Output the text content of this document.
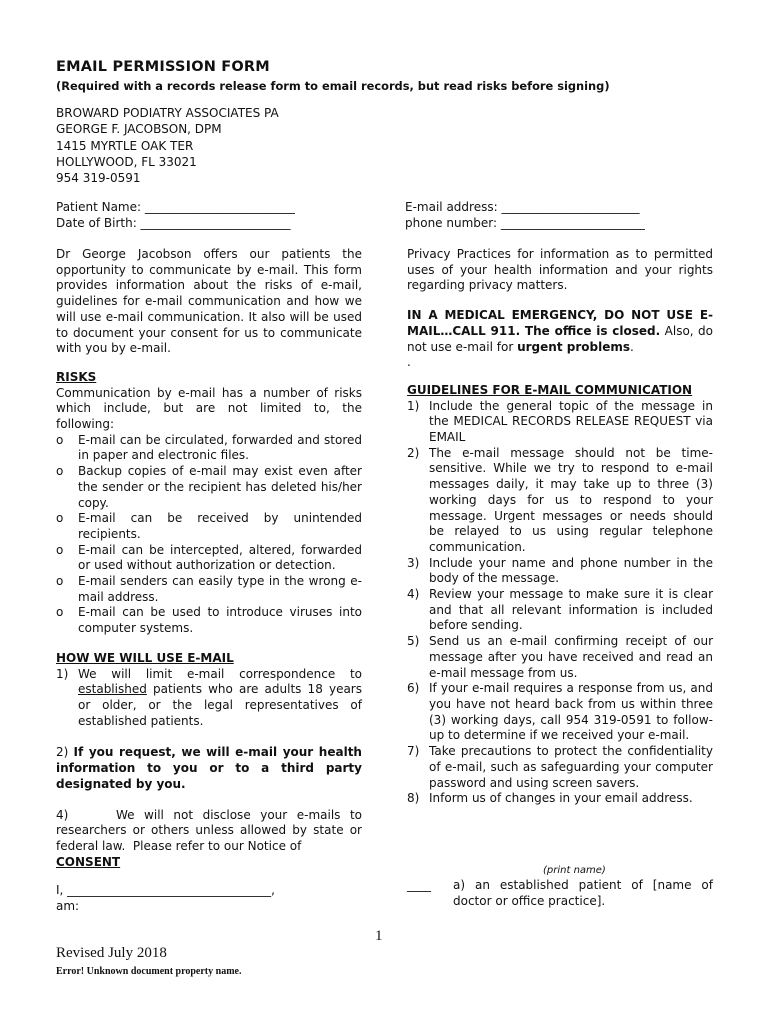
EMAIL PERMISSION FORM
(Required with a records release form to email records, but read risks before signing)
BROWARD PODIATRY ASSOCIATES PA
GEORGE F. JACOBSON, DPM
1415 MYRTLE OAK TER
HOLLYWOOD, FL 33021
954 319-0591
Patient Name: _________________________
Date of Birth: _________________________
E-mail address: _______________________
phone number: ________________________
Dr George Jacobson offers our patients the opportunity to communicate by e-mail. This form provides information about the risks of e-mail, guidelines for e-mail communication and how we will use e-mail communication. It also will be used to document your consent for us to communicate with you by e-mail.
RISKS
Communication by e-mail has a number of risks which include, but are not limited to, the following:
o E-mail can be circulated, forwarded and stored in paper and electronic files.
o Backup copies of e-mail may exist even after the sender or the recipient has deleted his/her copy.
o E-mail can be received by unintended recipients.
o E-mail can be intercepted, altered, forwarded or used without authorization or detection.
o E-mail senders can easily type in the wrong e-mail address.
o E-mail can be used to introduce viruses into computer systems.
HOW WE WILL USE E-MAIL
1) We will limit e-mail correspondence to established patients who are adults 18 years or older, or the legal representatives of established patients.
2) If you request, we will e-mail your health information to you or to a third party designated by you.
4)     We will not disclose your e-mails to researchers or others unless allowed by state or federal law.  Please refer to our Notice of
CONSENT
I, __________________________________,
am:
Privacy Practices for information as to permitted uses of your health information and your rights regarding privacy matters.
IN A MEDICAL EMERGENCY, DO NOT USE E-MAIL…CALL 911. The office is closed. Also, do not use e-mail for urgent problems.
.
GUIDELINES FOR E-MAIL COMMUNICATION
1) Include the general topic of the message in the MEDICAL RECORDS RELEASE REQUEST via EMAIL
2) The e-mail message should not be time-sensitive. While we try to respond to e-mail messages daily, it may take up to three (3) working days for us to respond to your message. Urgent messages or needs should be relayed to us using regular telephone communication.
3) Include your name and phone number in the body of the message.
4) Review your message to make sure it is clear and that all relevant information is included before sending.
5) Send us an e-mail confirming receipt of our message after you have received and read an e-mail message from us.
6) If your e-mail requires a response from us, and you have not heard back from us within three (3) working days, call 954 319-0591 to follow-up to determine if we received your e-mail.
7) Take precautions to protect the confidentiality of e-mail, such as safeguarding your computer password and using screen savers.
8) Inform us of changes in your email address.
(print name)
____ a) an established patient of [name of doctor or office practice].
1
Revised July 2018
Error! Unknown document property name.
